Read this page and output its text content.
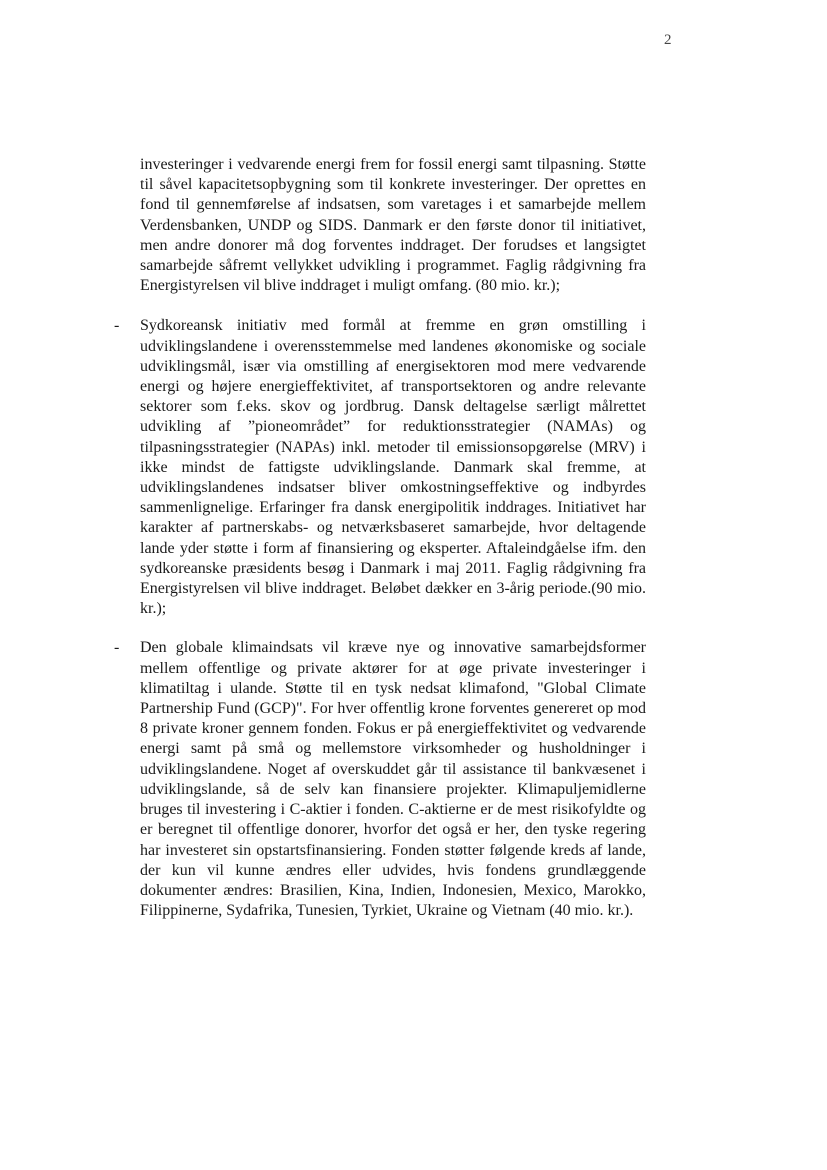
2

investeringer i vedvarende energi frem for fossil energi samt tilpasning. Støtte til såvel kapacitetsopbygning som til konkrete investeringer. Der oprettes en fond til gennemførelse af indsatsen, som varetages i et samarbejde mellem Verdensbanken, UNDP og SIDS. Danmark er den første donor til initiativet, men andre donorer må dog forventes inddraget. Der forudses et langsigtet samarbejde såfremt vellykket udvikling i programmet. Faglig rådgivning fra Energistyrelsen vil blive inddraget i muligt omfang. (80 mio. kr.);

- Sydkoreansk initiativ med formål at fremme en grøn omstilling i udviklingslandene i overensstemmelse med landenes økonomiske og sociale udviklingsmål, især via omstilling af energisektoren mod mere vedvarende energi og højere energieffektivitet, af transportsektoren og andre relevante sektorer som f.eks. skov og jordbrug. Dansk deltagelse særligt målrettet udvikling af ”pioneområdet” for reduktionsstrategier (NAMAs) og tilpasningsstrategier (NAPAs) inkl. metoder til emissionsopgørelse (MRV) i ikke mindst de fattigste udviklingslande. Danmark skal fremme, at udviklingslandenes indsatser bliver omkostningseffektive og indbyrdes sammenlignelige. Erfaringer fra dansk energipolitik inddrages. Initiativet har karakter af partnerskabs- og netværksbaseret samarbejde, hvor deltagende lande yder støtte i form af finansiering og eksperter. Aftaleindgåelse ifm. den sydkoreanske præsidents besøg i Danmark i maj 2011. Faglig rådgivning fra Energistyrelsen vil blive inddraget. Beløbet dækker en 3-årig periode.(90 mio. kr.);

- Den globale klimaindsats vil kræve nye og innovative samarbejdsformer mellem offentlige og private aktører for at øge private investeringer i klimatiltag i ulande. Støtte til en tysk nedsat klimafond, "Global Climate Partnership Fund (GCP)". For hver offentlig krone forventes genereret op mod 8 private kroner gennem fonden. Fokus er på energieffektivitet og vedvarende energi samt på små og mellemstore virksomheder og husholdninger i udviklingslandene. Noget af overskuddet går til assistance til bankvæsenet i udviklingslande, så de selv kan finansiere projekter. Klimapuljemidlerne bruges til investering i C-aktier i fonden. C-aktierne er de mest risikofyldte og er beregnet til offentlige donorer, hvorfor det også er her, den tyske regering har investeret sin opstartsfinansiering. Fonden støtter følgende kreds af lande, der kun vil kunne ændres eller udvides, hvis fondens grundlæggende dokumenter ændres: Brasilien, Kina, Indien, Indonesien, Mexico, Marokko, Filippinerne, Sydafrika, Tunesien, Tyrkiet, Ukraine og Vietnam (40 mio. kr.).
